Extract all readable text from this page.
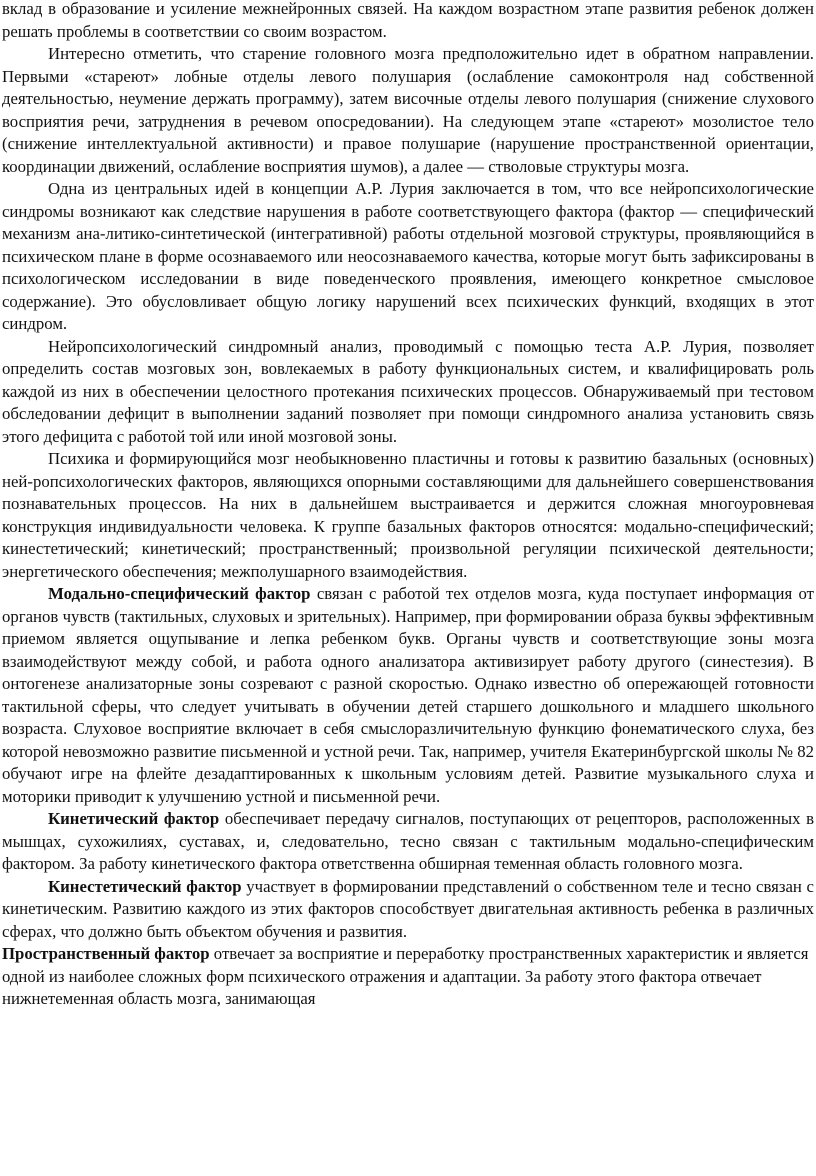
вклад в образование и усиление межнейронных связей. На каждом возрастном этапе развития ребенок должен решать проблемы в соответствии со своим возрастом.

Интересно отметить, что старение головного мозга предположительно идет в обратном направлении. Первыми «стареют» лобные отделы левого полушария (ослабление самоконтроля над собственной деятельностью, неумение держать программу), затем височные отделы левого полушария (снижение слухового восприятия речи, затруднения в речевом опосредовании). На следующем этапе «стареют» мозолистое тело (снижение интеллектуальной активности) и правое полушарие (нарушение пространственной ориентации, координации движений, ослабление восприятия шумов), а далее — стволовые структуры мозга.

Одна из центральных идей в концепции А.Р. Лурия заключается в том, что все нейропсихологические синдромы возникают как следствие нарушения в работе соответствующего фактора (фактор — специфический механизм ана-литико-синтетической (интегративной) работы отдельной мозговой структуры, проявляющийся в психическом плане в форме осознаваемого или неосознаваемого качества, которые могут быть зафиксированы в психологическом исследовании в виде поведенческого проявления, имеющего конкретное смысловое содержание). Это обусловливает общую логику нарушений всех психических функций, входящих в этот синдром.

Нейропсихологический синдромный анализ, проводимый с помощью теста А.Р. Лурия, позволяет определить состав мозговых зон, вовлекаемых в работу функциональных систем, и квалифицировать роль каждой из них в обеспечении целостного протекания психических процессов. Обнаруживаемый при тестовом обследовании дефицит в выполнении заданий позволяет при помощи синдромного анализа установить связь этого дефицита с работой той или иной мозговой зоны.

Психика и формирующийся мозг необыкновенно пластичны и готовы к развитию базальных (основных) ней-ропсихологических факторов, являющихся опорными составляющими для дальнейшего совершенствования познавательных процессов. На них в дальнейшем выстраивается и держится сложная многоуровневая конструкция индивидуальности человека. К группе базальных факторов относятся: модально-специфический; кинестетический; кинетический; пространственный; произвольной регуляции психической деятельности; энергетического обеспечения; межполушарного взаимодействия.

Модально-специфический фактор связан с работой тех отделов мозга, куда поступает информация от органов чувств (тактильных, слуховых и зрительных). Например, при формировании образа буквы эффективным приемом является ощупывание и лепка ребенком букв. Органы чувств и соответствующие зоны мозга взаимодействуют между собой, и работа одного анализатора активизирует работу другого (синестезия). В онтогенезе анализаторные зоны созревают с разной скоростью. Однако известно об опережающей готовности тактильной сферы, что следует учитывать в обучении детей старшего дошкольного и младшего школьного возраста. Слуховое восприятие включает в себя смыслоразличительную функцию фонематического слуха, без которой невозможно развитие письменной и устной речи. Так, например, учителя Екатеринбургской школы № 82 обучают игре на флейте дезадаптированных к школьным условиям детей. Развитие музыкального слуха и моторики приводит к улучшению устной и письменной речи.

Кинетический фактор обеспечивает передачу сигналов, поступающих от рецепторов, расположенных в мышцах, сухожилиях, суставах, и, следовательно, тесно связан с тактильным модально-специфическим фактором. За работу кинетического фактора ответственна обширная теменная область головного мозга.

Кинестетический фактор участвует в формировании представлений о собственном теле и тесно связан с кинетическим. Развитию каждого из этих факторов способствует двигательная активность ребенка в различных сферах, что должно быть объектом обучения и развития.

Пространственный фактор отвечает за восприятие и переработку пространственных характеристик и является одной из наиболее сложных форм психического отражения и адаптации. За работу этого фактора отвечает нижнетеменная область мозга, занимающая
